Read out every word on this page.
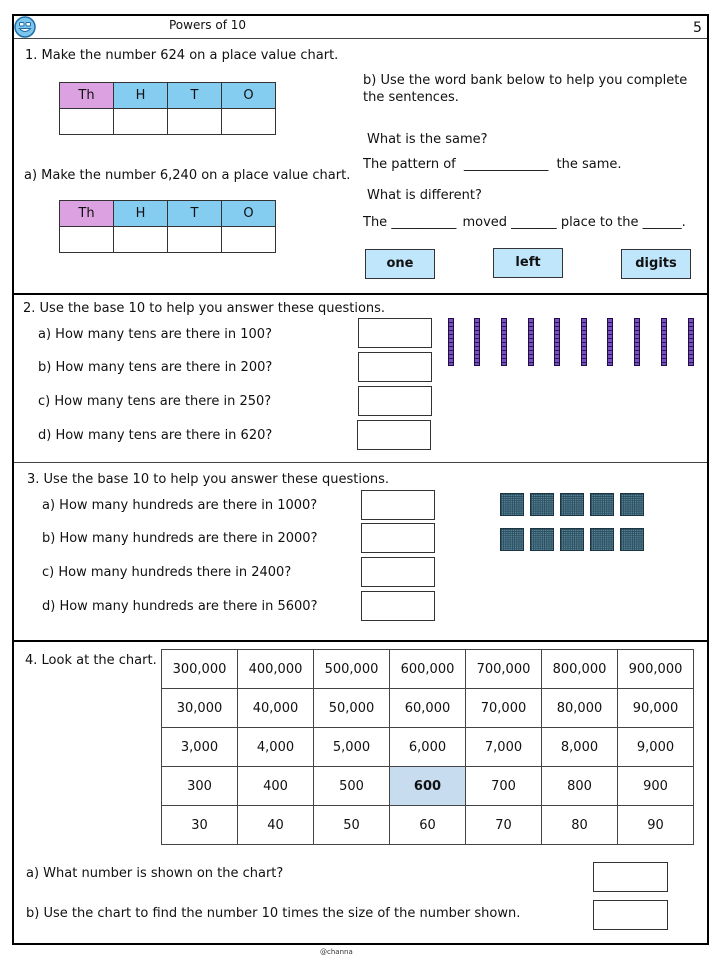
Powers of 10	5
1. Make the number 624 on a place value chart.
Th	H	T	O

a) Make the number 6,240 on a place value chart.
Th	H	T	O

b) Use the word bank below to help you complete the sentences.
What is the same?
The pattern of _____________ the same.
What is different?
The __________ moved _______ place to the ______.
one	left	digits
2. Use the base 10 to help you answer these questions.
a) How many tens are there in 100?
b) How many tens are there in 200?
c) How many tens are there in 250?
d) How many tens are there in 620?
3. Use the base 10 to help you answer these questions.
a) How many hundreds are there in 1000?
b) How many hundreds are there in 2000?
c) How many hundreds there in 2400?
d) How many hundreds are there in 5600?
4. Look at the chart.
300,000	400,000	500,000	600,000	700,000	800,000	900,000
30,000	40,000	50,000	60,000	70,000	80,000	90,000
3,000	4,000	5,000	6,000	7,000	8,000	9,000
300	400	500	600	700	800	900
30	40	50	60	70	80	90
a) What number is shown on the chart?
b) Use the chart to find the number 10 times the size of the number shown.
@channa
